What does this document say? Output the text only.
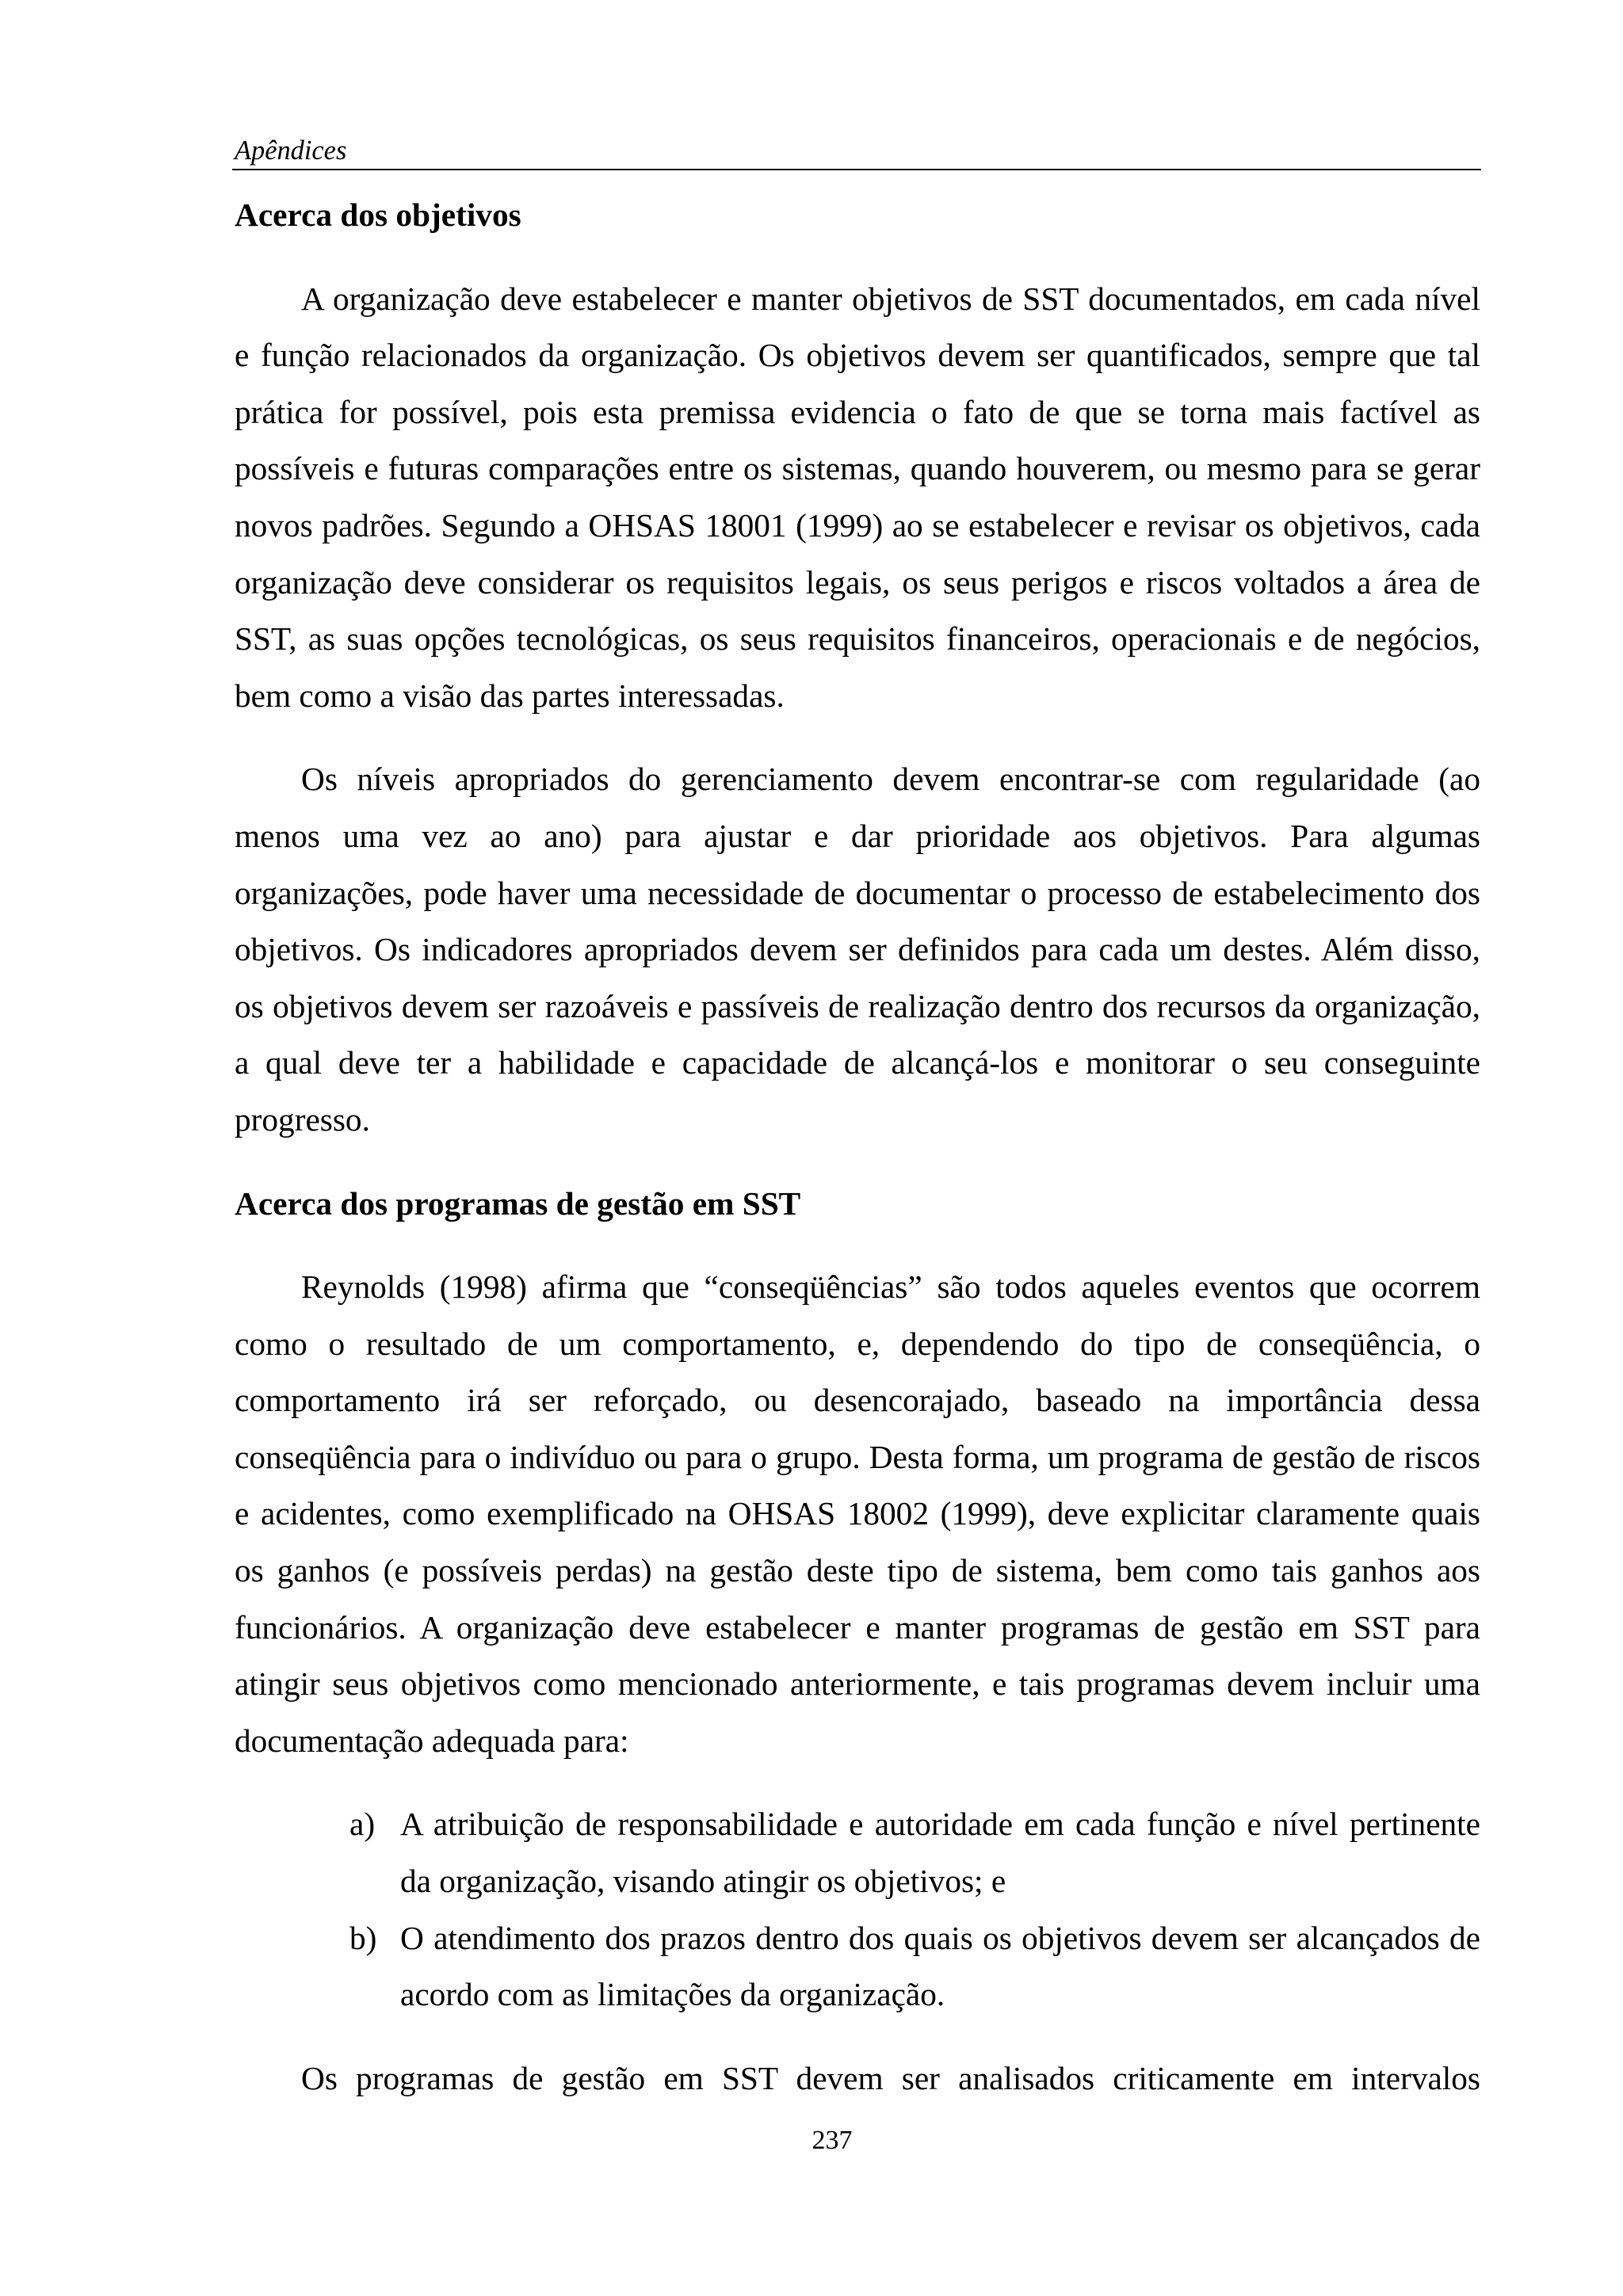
Apêndices
Acerca dos objetivos
A organização deve estabelecer e manter objetivos de SST documentados, em cada nível
e função relacionados da organização. Os objetivos devem ser quantificados, sempre que tal
prática for possível, pois esta premissa evidencia o fato de que se torna mais factível as
possíveis e futuras comparações entre os sistemas, quando houverem, ou mesmo para se gerar
novos padrões. Segundo a OHSAS 18001 (1999) ao se estabelecer e revisar os objetivos, cada
organização deve considerar os requisitos legais, os seus perigos e riscos voltados a área de
SST, as suas opções tecnológicas, os seus requisitos financeiros, operacionais e de negócios,
bem como a visão das partes interessadas.
Os níveis apropriados do gerenciamento devem encontrar-se com regularidade (ao
menos uma vez ao ano) para ajustar e dar prioridade aos objetivos. Para algumas
organizações, pode haver uma necessidade de documentar o processo de estabelecimento dos
objetivos. Os indicadores apropriados devem ser definidos para cada um destes. Além disso,
os objetivos devem ser razoáveis e passíveis de realização dentro dos recursos da organização,
a qual deve ter a habilidade e capacidade de alcançá-los e monitorar o seu conseguinte
progresso.
Acerca dos programas de gestão em SST
Reynolds (1998) afirma que “conseqüências” são todos aqueles eventos que ocorrem
como o resultado de um comportamento, e, dependendo do tipo de conseqüência, o
comportamento irá ser reforçado, ou desencorajado, baseado na importância dessa
conseqüência para o indivíduo ou para o grupo. Desta forma, um programa de gestão de riscos
e acidentes, como exemplificado na OHSAS 18002 (1999), deve explicitar claramente quais
os ganhos (e possíveis perdas) na gestão deste tipo de sistema, bem como tais ganhos aos
funcionários. A organização deve estabelecer e manter programas de gestão em SST para
atingir seus objetivos como mencionado anteriormente, e tais programas devem incluir uma
documentação adequada para:
a) A atribuição de responsabilidade e autoridade em cada função e nível pertinente
da organização, visando atingir os objetivos; e
b) O atendimento dos prazos dentro dos quais os objetivos devem ser alcançados de
acordo com as limitações da organização.
Os programas de gestão em SST devem ser analisados criticamente em intervalos
237
